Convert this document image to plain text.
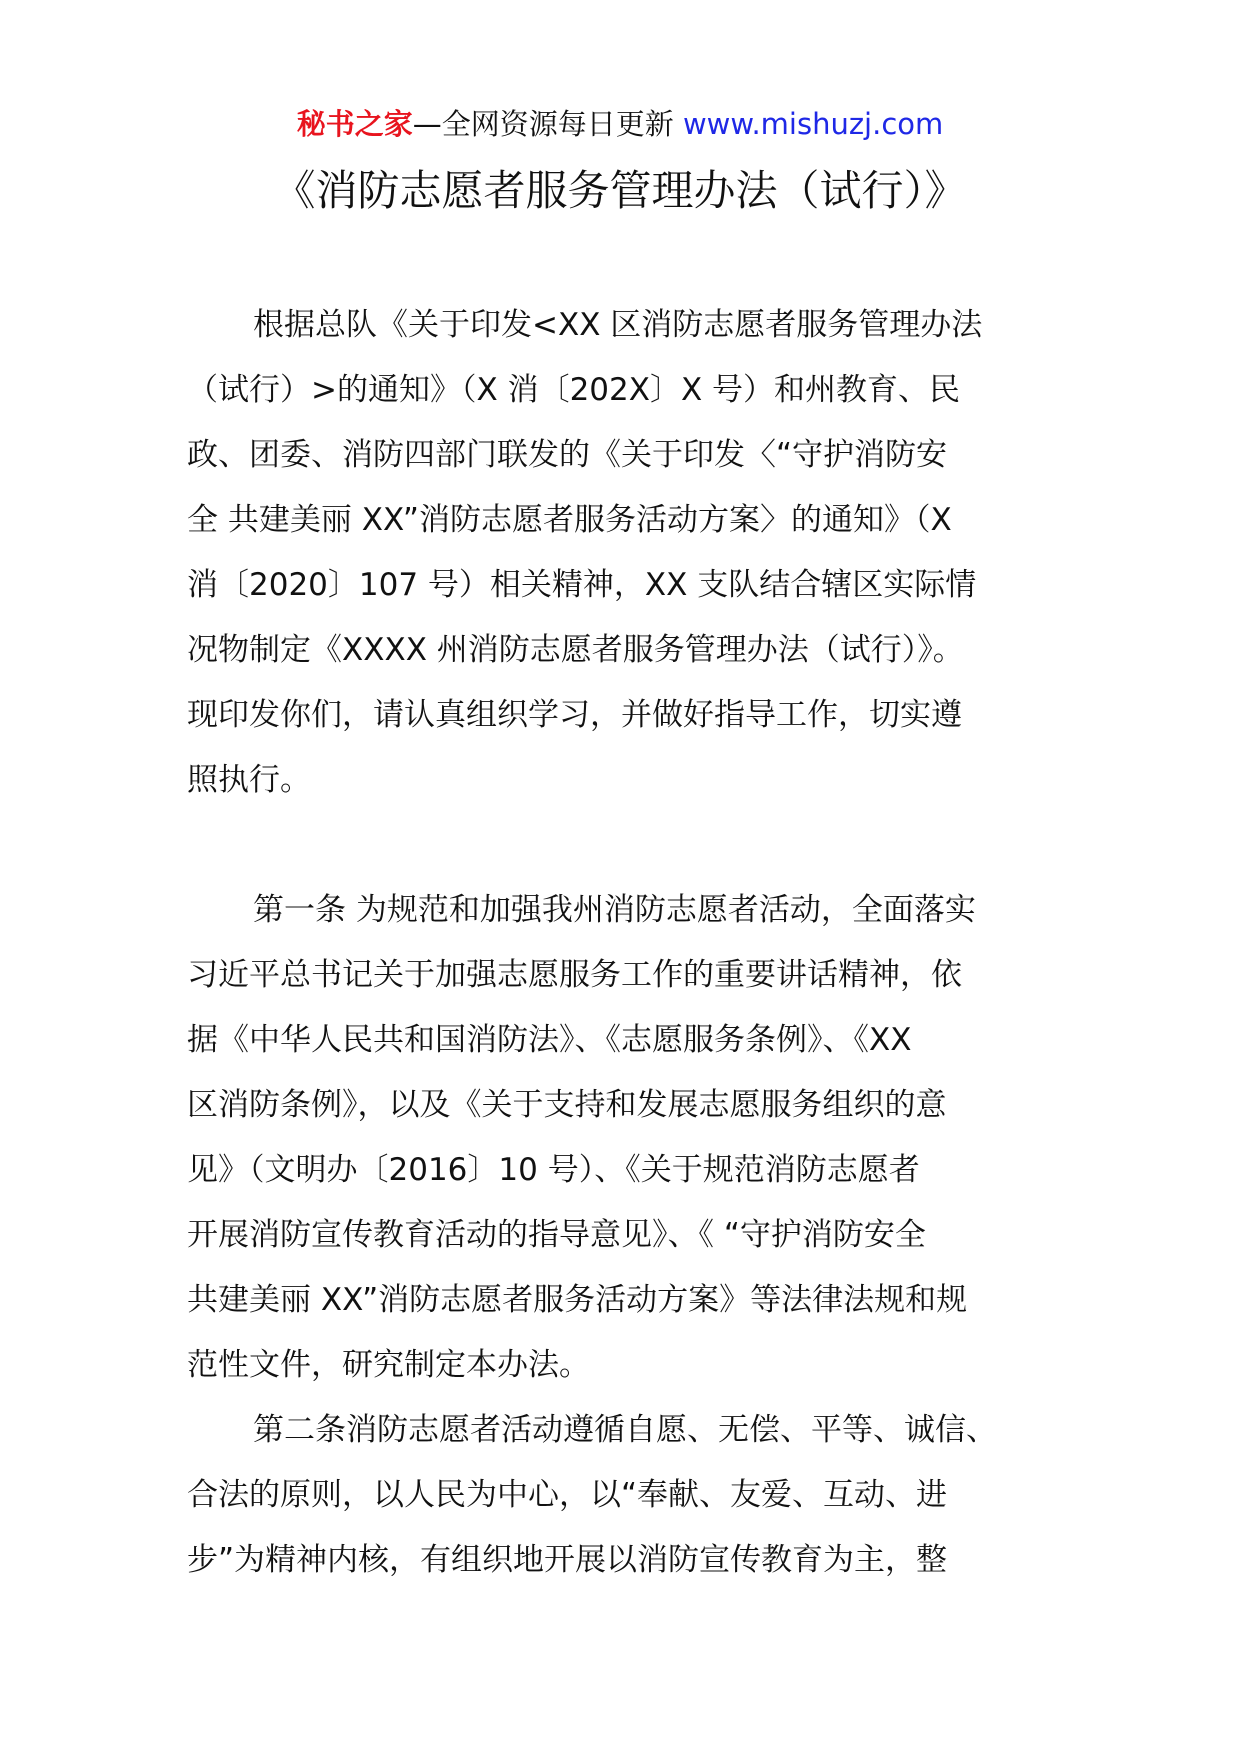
秘书之家—全网资源每日更新 www.mishuzj.com
《消防志愿者服务管理办法（试行）》

根据总队《关于印发<XX 区消防志愿者服务管理办法
（试行）>的通知》（X 消〔202X〕X 号）和州教育、民
政、团委、消防四部门联发的《关于印发〈“守护消防安
全 共建美丽 XX”消防志愿者服务活动方案〉的通知》（X
消〔2020〕107 号）相关精神，XX 支队结合辖区实际情
况物制定《XXXX 州消防志愿者服务管理办法（试行）》。
现印发你们，请认真组织学习，并做好指导工作，切实遵
照执行。

第一条 为规范和加强我州消防志愿者活动，全面落实
习近平总书记关于加强志愿服务工作的重要讲话精神，依
据《中华人民共和国消防法》、《志愿服务条例》、《XX
区消防条例》，以及《关于支持和发展志愿服务组织的意
见》（文明办〔2016〕10 号）、《关于规范消防志愿者
开展消防宣传教育活动的指导意见》、《 “守护消防安全
共建美丽 XX”消防志愿者服务活动方案》等法律法规和规
范性文件，研究制定本办法。

第二条消防志愿者活动遵循自愿、无偿、平等、诚信、
合法的原则，以人民为中心，以“奉献、友爱、互动、进
步”为精神内核，有组织地开展以消防宣传教育为主，整
